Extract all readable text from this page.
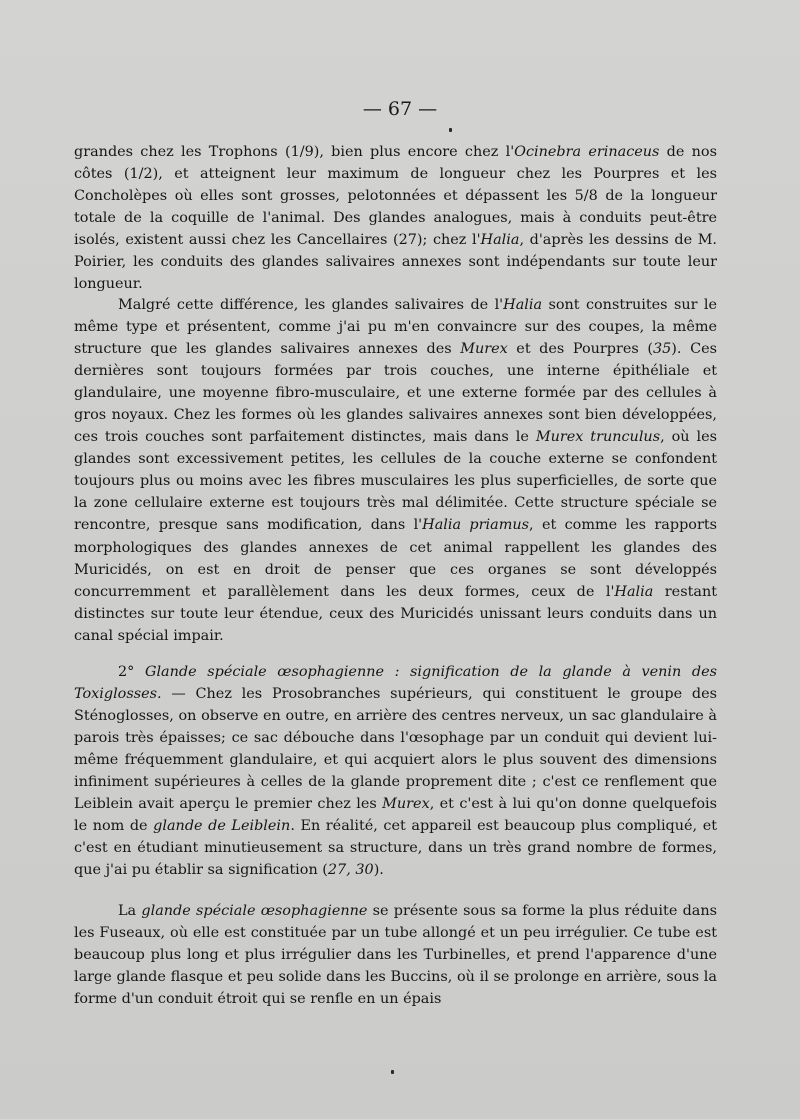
— 67 —

grandes chez les Trophons (1/9), bien plus encore chez l'Ocinebra erinaceus de nos côtes (1/2), et atteignent leur maximum de longueur chez les Pourpres et les Concholèpes où elles sont grosses, pelotonnées et dépassent les 5/8 de la longueur totale de la coquille de l'animal. Des glandes analogues, mais à conduits peut-être isolés, existent aussi chez les Cancellaires (27); chez l'Halia, d'après les dessins de M. Poirier, les conduits des glandes salivaires annexes sont indépendants sur toute leur longueur.

Malgré cette différence, les glandes salivaires de l'Halia sont construites sur le même type et présentent, comme j'ai pu m'en convaincre sur des coupes, la même structure que les glandes salivaires annexes des Murex et des Pourpres (35). Ces dernières sont toujours formées par trois couches, une interne épithéliale et glandulaire, une moyenne fibro-musculaire, et une externe formée par des cellules à gros noyaux. Chez les formes où les glandes salivaires annexes sont bien développées, ces trois couches sont parfaitement distinctes, mais dans le Murex trunculus, où les glandes sont excessivement petites, les cellules de la couche externe se confondent toujours plus ou moins avec les fibres musculaires les plus superficielles, de sorte que la zone cellulaire externe est toujours très mal délimitée. Cette structure spéciale se rencontre, presque sans modification, dans l'Halia priamus, et comme les rapports morphologiques des glandes annexes de cet animal rappellent les glandes des Muricidés, on est en droit de penser que ces organes se sont développés concurremment et parallèlement dans les deux formes, ceux de l'Halia restant distinctes sur toute leur étendue, ceux des Muricidés unissant leurs conduits dans un canal spécial impair.

2° Glande spéciale œsophagienne : signification de la glande à venin des Toxiglosses. — Chez les Prosobranches supérieurs, qui constituent le groupe des Sténoglosses, on observe en outre, en arrière des centres nerveux, un sac glandulaire à parois très épaisses; ce sac débouche dans l'œsophage par un conduit qui devient lui-même fréquemment glandulaire, et qui acquiert alors le plus souvent des dimensions infiniment supérieures à celles de la glande proprement dite ; c'est ce renflement que Leiblein avait aperçu le premier chez les Murex, et c'est à lui qu'on donne quelquefois le nom de glande de Leiblein. En réalité, cet appareil est beaucoup plus compliqué, et c'est en étudiant minutieusement sa structure, dans un très grand nombre de formes, que j'ai pu établir sa signification (27, 30).

La glande spéciale œsophagienne se présente sous sa forme la plus réduite dans les Fuseaux, où elle est constituée par un tube allongé et un peu irrégulier. Ce tube est beaucoup plus long et plus irrégulier dans les Turbinelles, et prend l'apparence d'une large glande flasque et peu solide dans les Buccins, où il se prolonge en arrière, sous la forme d'un conduit étroit qui se renfle en un épais
